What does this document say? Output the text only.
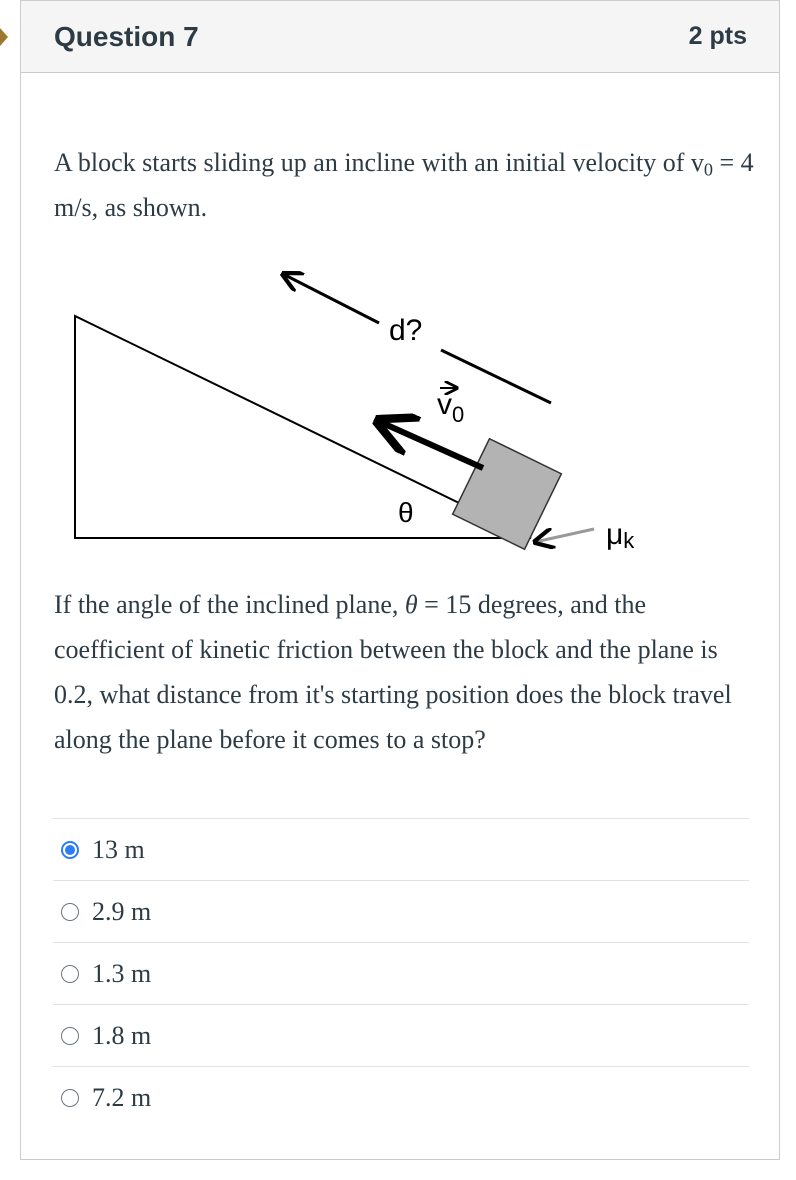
Question 7	2 pts

A block starts sliding up an incline with an initial velocity of $v_0 = 4$ m/s, as shown.

d?
$v_0$
θ
μk

If the angle of the inclined plane, θ = 15 degrees, and the coefficient of kinetic friction between the block and the plane is 0.2, what distance from it's starting position does the block travel along the plane before it comes to a stop?

13 m
2.9 m
1.3 m
1.8 m
7.2 m
